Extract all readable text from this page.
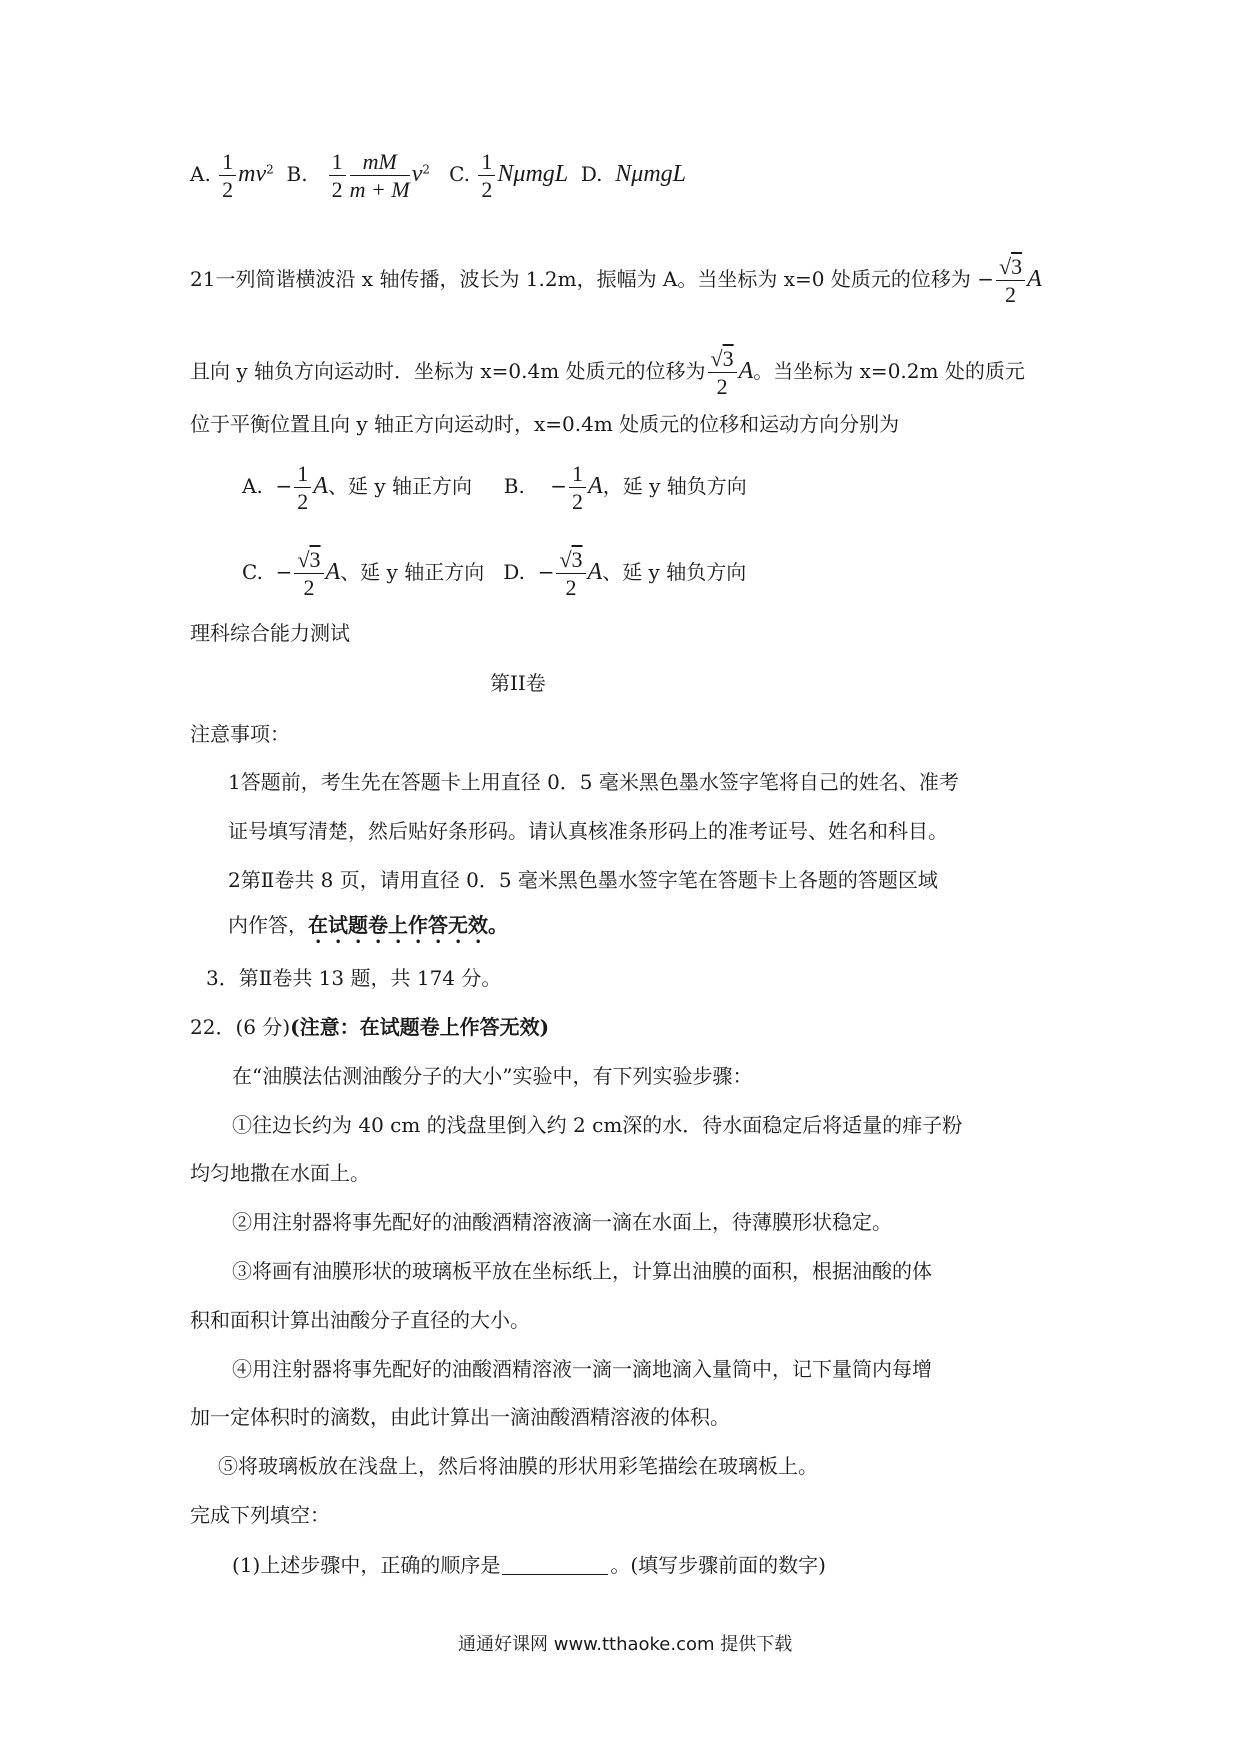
A. $\frac{1}{2} mv^2$ B. $\frac{1}{2} \frac{mM}{m + M} v^2$ C. $\frac{1}{2}$ NμmgL D. NμmgL
21一列简谐横波沿 x 轴传播，波长为 1.2m，振幅为 A。当坐标为 x=0 处质元的位移为 − $\frac{√3}{2}$ A
且向 y 轴负方向运动时．坐标为 x=0.4m 处质元的位移为 $\frac{√3}{2}$ A。当坐标为 x=0.2m 处的质元
位于平衡位置且向 y 轴正方向运动时，x=0.4m 处质元的位移和运动方向分别为
A. − $\frac{1}{2}$ A、延 y 轴正方向 B. − $\frac{1}{2}$ A，延 y 轴负方向
C. − $\frac{√3}{2}$ A、延 y 轴正方向 D. − $\frac{√3}{2}$ A、延 y 轴负方向
理科综合能力测试
第II卷
注意事项：
1答题前，考生先在答题卡上用直径 0．5 毫米黑色墨水签字笔将自己的姓名、准考
证号填写清楚，然后贴好条形码。请认真核准条形码上的准考证号、姓名和科目。
2第Ⅱ卷共 8 页，请用直径 0．5 毫米黑色墨水签字笔在答题卡上各题的答题区域
内作答，在试题卷上作答无效。
3．第Ⅱ卷共 13 题，共 174 分。
22．(6 分)(注意：在试题卷上作答无效)
在“油膜法估测油酸分子的大小”实验中，有下列实验步骤：
①往边长约为 40 cm 的浅盘里倒入约 2 cm深的水．待水面稳定后将适量的痱子粉
均匀地撒在水面上。
②用注射器将事先配好的油酸酒精溶液滴一滴在水面上，待薄膜形状稳定。
③将画有油膜形状的玻璃板平放在坐标纸上，计算出油膜的面积，根据油酸的体
积和面积计算出油酸分子直径的大小。
④用注射器将事先配好的油酸酒精溶液一滴一滴地滴入量筒中，记下量筒内每增
加一定体积时的滴数，由此计算出一滴油酸酒精溶液的体积。
⑤将玻璃板放在浅盘上，然后将油膜的形状用彩笔描绘在玻璃板上。
完成下列填空：
(1)上述步骤中，正确的顺序是	。(填写步骤前面的数字)
通通好课网 www.tthaoke.com 提供下载
